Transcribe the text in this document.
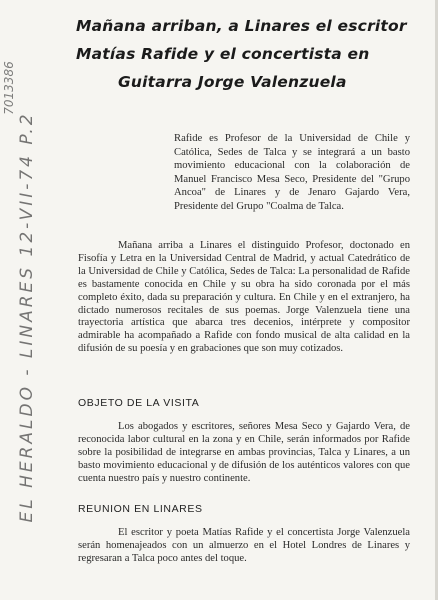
7013386
EL HERALDO - LINARES 12-VII-74 P.2
Mañana arriban, a Linares el escritor
Matías Rafide y el concertista en
Guitarra Jorge Valenzuela
Rafide es Profesor de la Universidad de Chile y Católica, Sedes de Talca y se integrará a un basto movimiento educacional con la colaboración de Manuel Francisco Mesa Seco, Presidente del "Grupo Ancoa" de Linares y de Jenaro Gajardo Vera, Presidente del Grupo "Coalma de Talca.
Mañana arriba a Linares el distinguido Profesor, doctonado en Fisofía y Letra en la Universidad Central de Madrid, y actual Catedrático de la Universidad de Chile y Católica, Sedes de Talca: La personalidad de Rafide es bastamente conocida en Chile y su obra ha sido coronada por el más completo éxito, dada su preparación y cultura. En Chile y en el extranjero, ha dictado numerosos recitales de sus poemas. Jorge Valenzuela tiene una trayectoria artística que abarca tres decenios, intérprete y compositor admirable ha acompañado a Rafide con fondo musical de alta calidad en la difusión de su poesía y en grabaciones que son muy cotizados.
OBJETO DE LA VISITA
Los abogados y escritores, señores Mesa Seco y Gajardo Vera, de reconocida labor cultural en la zona y en Chile, serán informados por Rafide sobre la posibilidad de integrarse en ambas provincias, Talca y Linares, a un basto movimiento educacional y de difusión de los auténticos valores con que cuenta nuestro país y nuestro continente.
REUNION EN LINARES
El escritor y poeta Matías Rafide y el concertista Jorge Valenzuela serán homenajeados con un almuerzo en el Hotel Londres de Linares y regresaran a Talca poco antes del toque.
